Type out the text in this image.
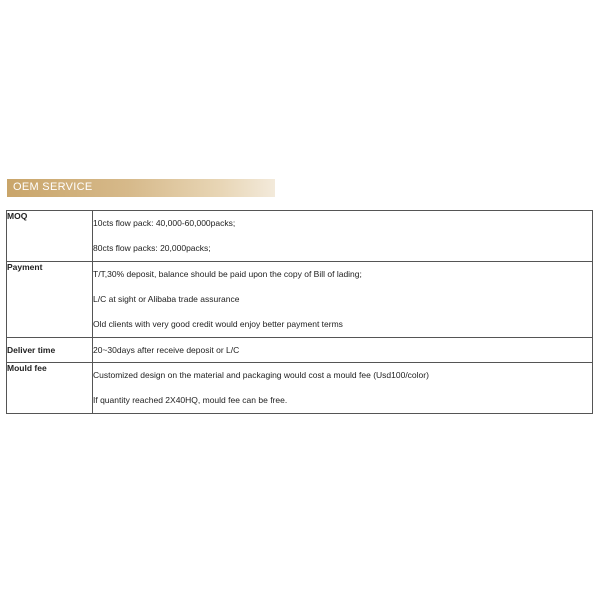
OEM SERVICE
MOQ	10cts flow pack: 40,000-60,000packs;
80cts flow packs: 20,000packs;

Payment	T/T,30% deposit, balance should be paid upon the copy of Bill of lading;
L/C at sight or Alibaba trade assurance
Old clients with very good credit would enjoy better payment terms

Deliver time	20~30days after receive deposit or L/C

Mould fee	Customized design on the material and packaging would cost a mould fee (Usd100/color)
If quantity reached 2X40HQ, mould fee can be free.
